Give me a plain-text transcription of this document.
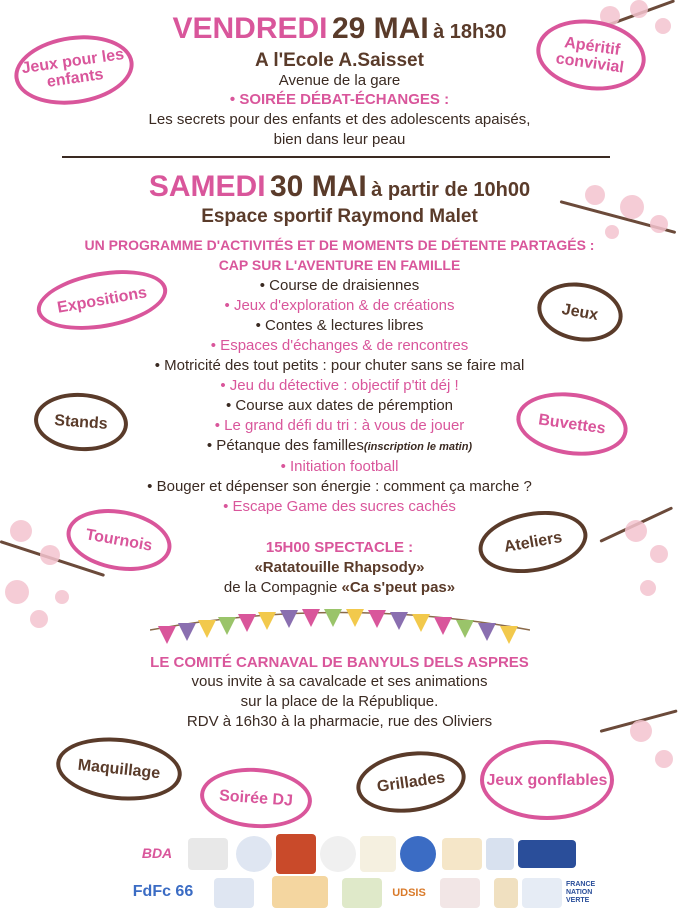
VENDREDI 29 MAI à 18h30
A l'Ecole A.Saisset
Avenue de la gare
• SOIRÉE DÉBAT-ÉCHANGES :
Les secrets pour des enfants et des adolescents apaisés,
bien dans leur peau
SAMEDI 30 MAI à partir de 10h00
Espace sportif Raymond Malet
UN PROGRAMME D'ACTIVITÉS ET DE MOMENTS DE DÉTENTE PARTAGÉS :
CAP SUR L'AVENTURE EN FAMILLE
• Course de draisiennes
• Jeux d'exploration & de créations
• Contes & lectures libres
• Espaces d'échanges & de rencontres
• Motricité des tout petits : pour chuter sans se faire mal
• Jeu du détective : objectif p'tit déj !
• Course aux dates de péremption
• Le grand défi du tri : à vous de jouer
• Pétanque des familles(inscription le matin)
• Initiation football
• Bouger et dépenser son énergie : comment ça marche ?
• Escape Game des sucres cachés
15H00 SPECTACLE :
«Ratatouille Rhapsody»
de la Compagnie «Ca s'peut pas»
LE COMITÉ CARNAVAL DE BANYULS DELS ASPRES
vous invite à sa cavalcade et ses animations
sur la place de la République.
RDV à 16h30 à la pharmacie, rue des Oliviers
Jeux pour les enfants
Apéritif convivial
Expositions	Jeux
Stands	Buvettes
Tournois	Ateliers
Maquillage
Soirée DJ
Grillades	Jeux gonflables
BDA
FdFc 66	UDSIS
FRANCE NATION VERTE
